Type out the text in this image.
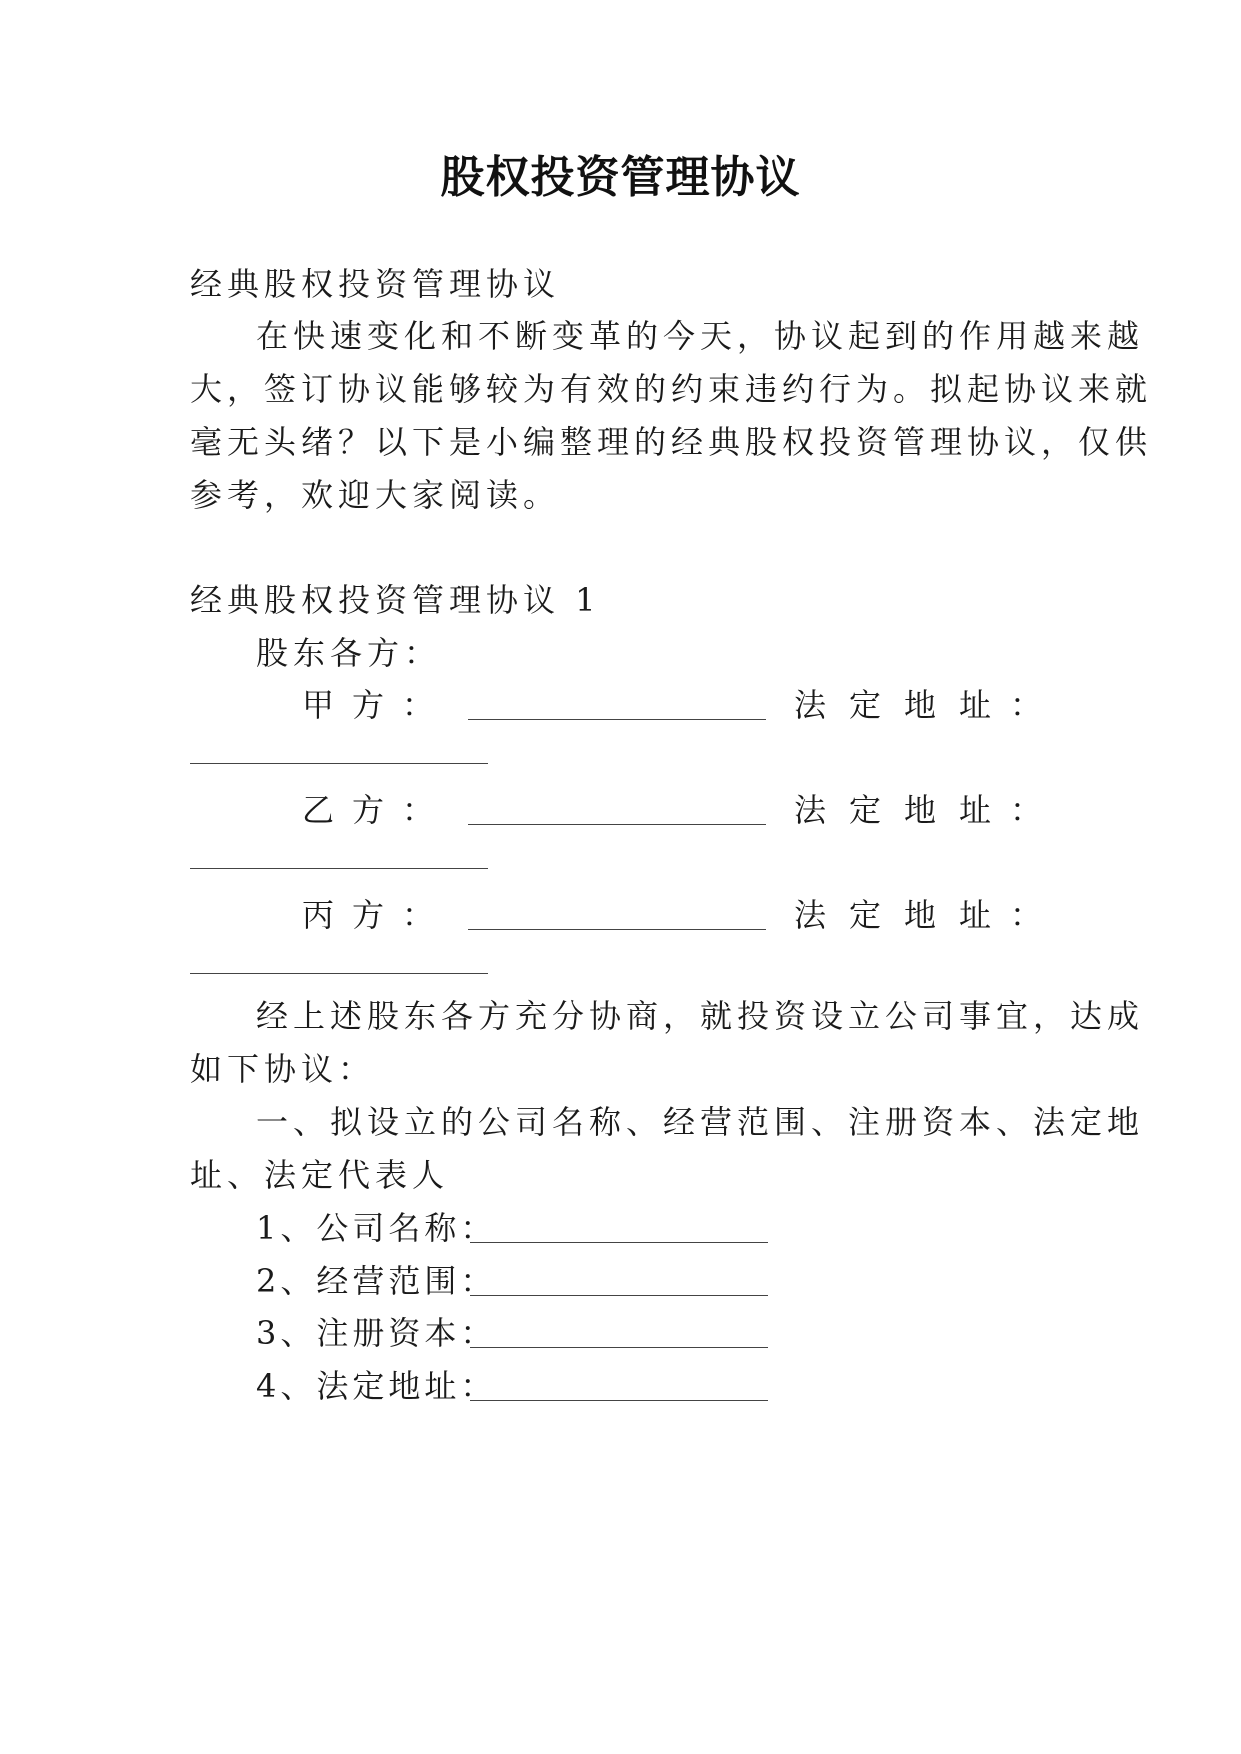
股权投资管理协议
经典股权投资管理协议
在快速变化和不断变革的今天，协议起到的作用越来越
大，签订协议能够较为有效的约束违约行为。拟起协议来就
毫无头绪？以下是小编整理的经典股权投资管理协议，仅供
参考，欢迎大家阅读。
经典股权投资管理协议 1
股东各方：
甲方：	法定地址
：
乙方：	法定地址
：
丙方：	法定地址
：
经上述股东各方充分协商，就投资设立公司事宜，达成
如下协议：
一、拟设立的公司名称、经营范围、注册资本、法定地
址、法定代表人
1、公司名称：
2、经营范围：
3、注册资本：
4、法定地址：
